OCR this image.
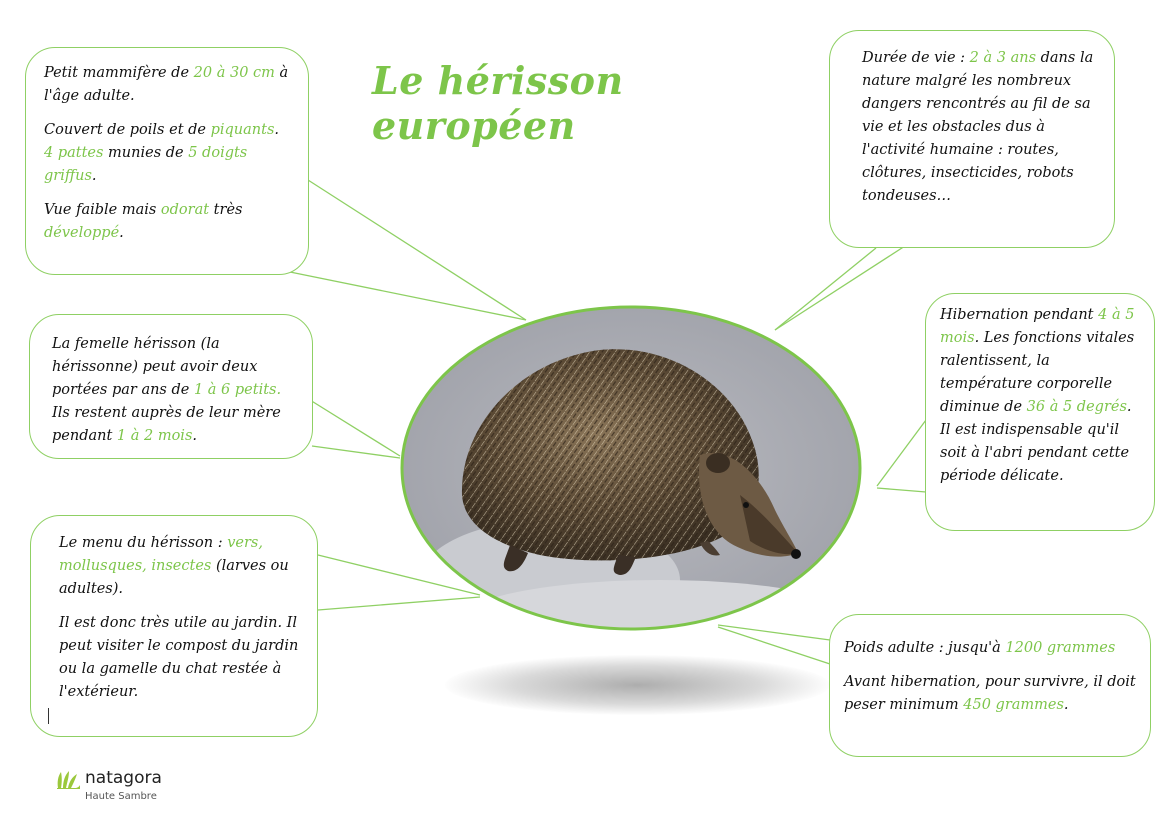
Le hérisson européen

Petit mammifère de 20 à 30 cm à l'âge adulte.

Couvert de poils et de piquants. 4 pattes munies de 5 doigts griffus.

Vue faible mais odorat très développé.

La femelle hérisson (la hérissonne) peut avoir deux portées par ans de 1 à 6 petits. Ils restent auprès de leur mère pendant 1 à 2 mois.

Le menu du hérisson : vers, mollusques, insectes (larves ou adultes).

Il est donc très utile au jardin. Il peut visiter le compost du jardin ou la gamelle du chat restée à l'extérieur.

Durée de vie : 2 à 3 ans dans la nature malgré les nombreux dangers rencontrés au fil de sa vie et les obstacles dus à l'activité humaine : routes, clôtures, insecticides, robots tondeuses…

Hibernation pendant 4 à 5 mois. Les fonctions vitales ralentissent, la température corporelle diminue de 36 à 5 degrés. Il est indispensable qu'il soit à l'abri pendant cette période délicate.

Poids adulte : jusqu'à 1200 grammes

Avant hibernation, pour survivre, il doit peser minimum 450 grammes.

natagora
Haute Sambre
